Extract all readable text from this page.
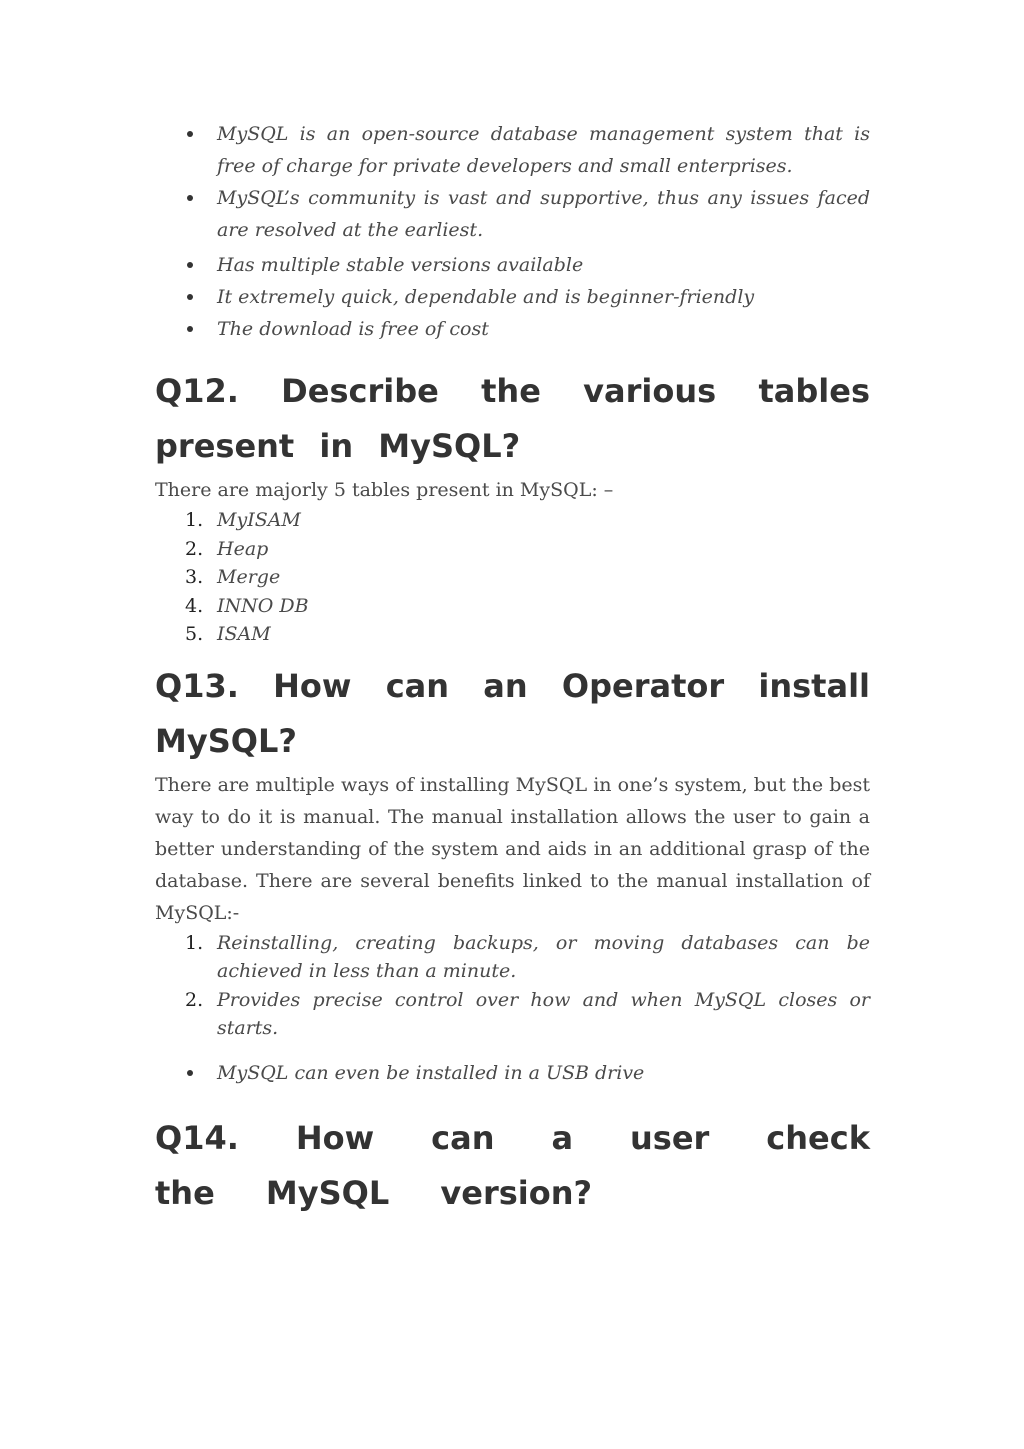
MySQL is an open-source database management system that is free of charge for private developers and small enterprises.
MySQL’s community is vast and supportive, thus any issues faced are resolved at the earliest.
Has multiple stable versions available
It extremely quick, dependable and is beginner-friendly
The download is free of cost
Q12. Describe the various tables present in MySQL?

There are majorly 5 tables present in MySQL: –

1. MyISAM
2. Heap
3. Merge
4. INNO DB
5. ISAM
Q13. How can an Operator install MySQL?

There are multiple ways of installing MySQL in one’s system, but the best way to do it is manual. The manual installation allows the user to gain a better understanding of the system and aids in an additional grasp of the database. There are several benefits linked to the manual installation of MySQL:-

1. Reinstalling, creating backups, or moving databases can be achieved in less than a minute.
2. Provides precise control over how and when MySQL closes or starts.
MySQL can even be installed in a USB drive
Q14. How can a user check the MySQL version?
